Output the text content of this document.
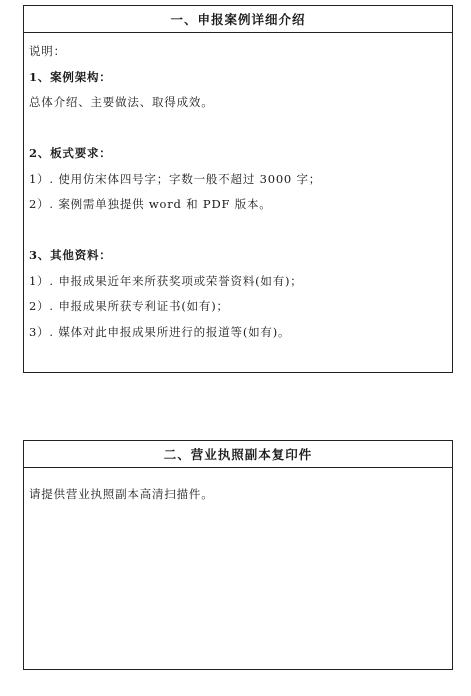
一、申报案例详细介绍
说明：
1、案例架构：
总体介绍、主要做法、取得成效。
2、板式要求：
1）. 使用仿宋体四号字；字数一般不超过 3000 字；
2）. 案例需单独提供 word 和 PDF 版本。
3、其他资料：
1）. 申报成果近年来所获奖项或荣誉资料(如有)；
2）. 申报成果所获专利证书(如有)；
3）. 媒体对此申报成果所进行的报道等(如有)。
二、营业执照副本复印件
请提供营业执照副本高清扫描件。
